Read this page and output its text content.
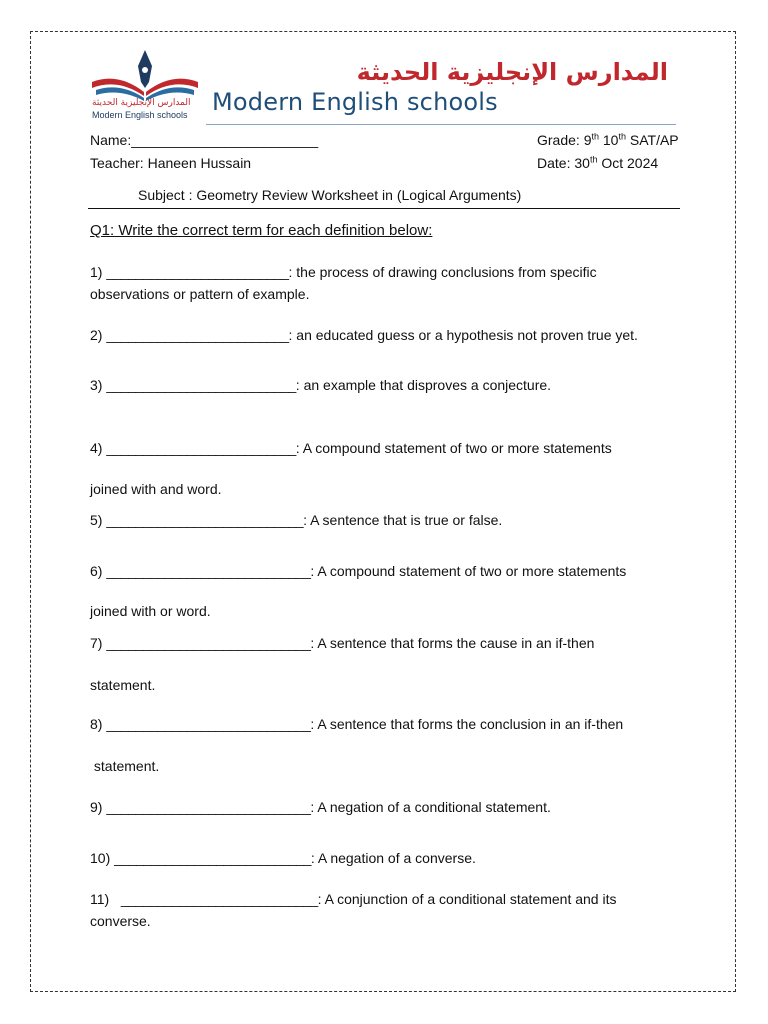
المدارس الإنجليزية الحديثة
Modern English schools
المدارس الإنجليزية الحديثة
Modern English schools
Name:________________________	Grade: 9th 10th SAT/AP
Teacher: Haneen Hussain	Date: 30th Oct 2024
Subject : Geometry Review Worksheet in (Logical Arguments)
Q1: Write the correct term for each definition below:
1) _________________________: the process of drawing conclusions from specific
observations or pattern of example.
2) _________________________: an educated guess or a hypothesis not proven true yet.
3) __________________________: an example that disproves a conjecture.
4) __________________________: A compound statement of two or more statements
joined with and word.
5) ___________________________: A sentence that is true or false.
6) ____________________________: A compound statement of two or more statements
joined with or word.
7) ____________________________: A sentence that forms the cause in an if-then
statement.
8) ____________________________: A sentence that forms the conclusion in an if-then
statement.
9) ____________________________: A negation of a conditional statement.
10) ___________________________: A negation of a converse.
11) ___________________________: A conjunction of a conditional statement and its
converse.
